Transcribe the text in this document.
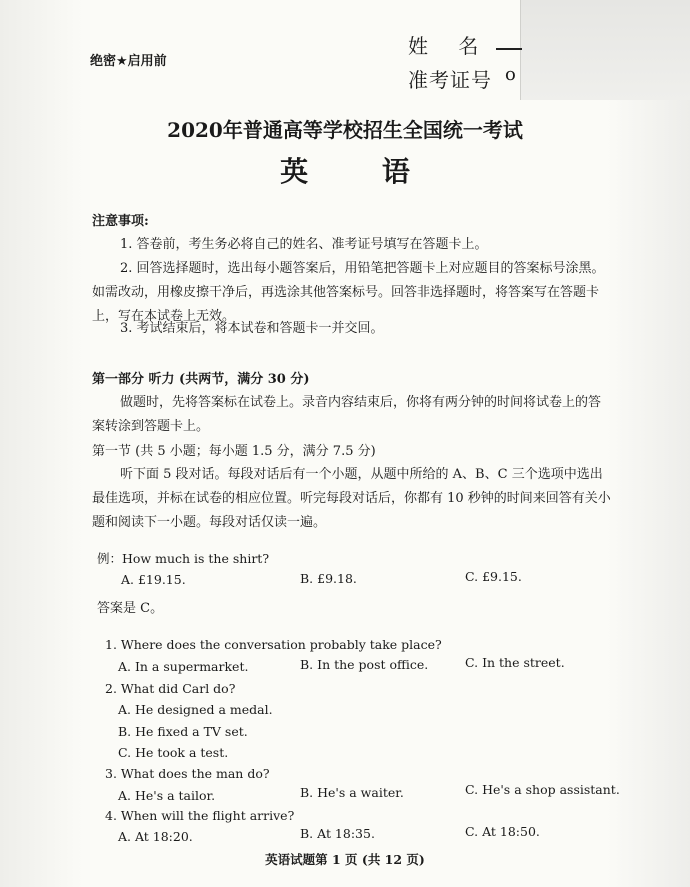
绝密★启用前
姓 名
准考证号 o
2020年普通高等学校招生全国统一考试
英 语
注意事项:
1. 答卷前，考生务必将自己的姓名、准考证号填写在答题卡上。
2. 回答选择题时，选出每小题答案后，用铅笔把答题卡上对应题目的答案标号涂黑。如需改动，用橡皮擦干净后，再选涂其他答案标号。回答非选择题时，将答案写在答题卡上，写在本试卷上无效。
3. 考试结束后，将本试卷和答题卡一并交回。
第一部分 听力 (共两节，满分 30 分)
做题时，先将答案标在试卷上。录音内容结束后，你将有两分钟的时间将试卷上的答案转涂到答题卡上。
第一节 (共 5 小题；每小题 1.5 分，满分 7.5 分)
听下面 5 段对话。每段对话后有一个小题，从题中所给的 A、B、C 三个选项中选出最佳选项，并标在试卷的相应位置。听完每段对话后，你都有 10 秒钟的时间来回答有关小题和阅读下一小题。每段对话仅读一遍。
例：How much is the shirt?
A. £19.15.	B. £9.18.	C. £9.15.
答案是 C。
1. Where does the conversation probably take place?
A. In a supermarket.	B. In the post office.	C. In the street.
2. What did Carl do?
A. He designed a medal.
B. He fixed a TV set.
C. He took a test.
3. What does the man do?
A. He's a tailor.	B. He's a waiter.	C. He's a shop assistant.
4. When will the flight arrive?
A. At 18:20.	B. At 18:35.	C. At 18:50.
英语试题第 1 页 (共 12 页)
